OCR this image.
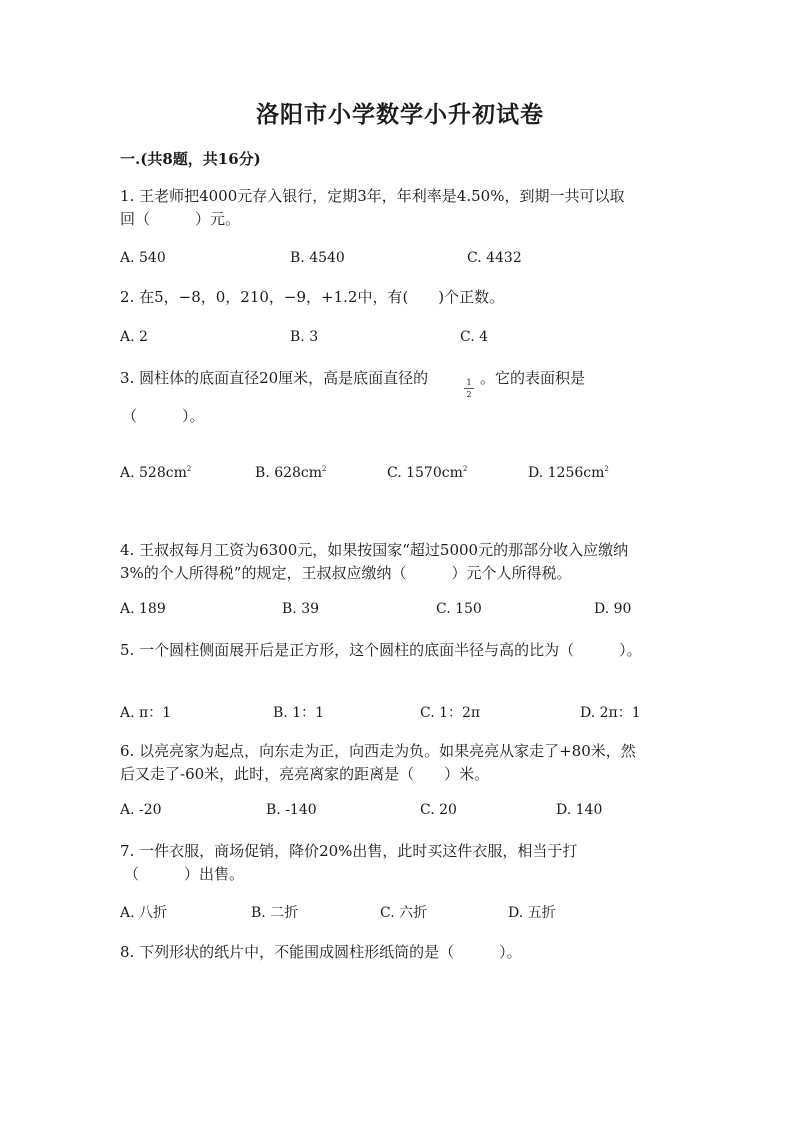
洛阳市小学数学小升初试卷
一.(共8题，共16分)
1. 王老师把4000元存入银行，定期3年，年利率是4.50%，到期一共可以取
回（　　　）元。
A. 540	B. 4540	C. 4432
2. 在5，−8，0，210，−9，+1.2中，有(　　)个正数。
A. 2	B. 3	C. 4
3. 圆柱体的底面直径20厘米，高是底面直径的	1
2
。它的表面积是
（　　　）。
A. $528cm^2$	B. $628cm^2$	C. $1570cm^2$	D. $1256cm^2$
4. 王叔叔每月工资为6300元，如果按国家“超过5000元的那部分收入应缴纳
3%的个人所得税”的规定，王叔叔应缴纳（　　　）元个人所得税。
A. 189	B. 39	C. 150	D. 90
5. 一个圆柱侧面展开后是正方形，这个圆柱的底面半径与高的比为（　　　）。
A. π：1	B. 1：1	C. 1：2π	D. 2π：1
6. 以亮亮家为起点，向东走为正，向西走为负。如果亮亮从家走了+80米，然
后又走了-60米，此时，亮亮离家的距离是（　　）米。
A. -20	B. -140	C. 20	D. 140
7. 一件衣服，商场促销，降价20%出售，此时买这件衣服，相当于打
（　　　）出售。
A. 八折	B. 二折	C. 六折	D. 五折
8. 下列形状的纸片中，不能围成圆柱形纸筒的是（　　　）。
